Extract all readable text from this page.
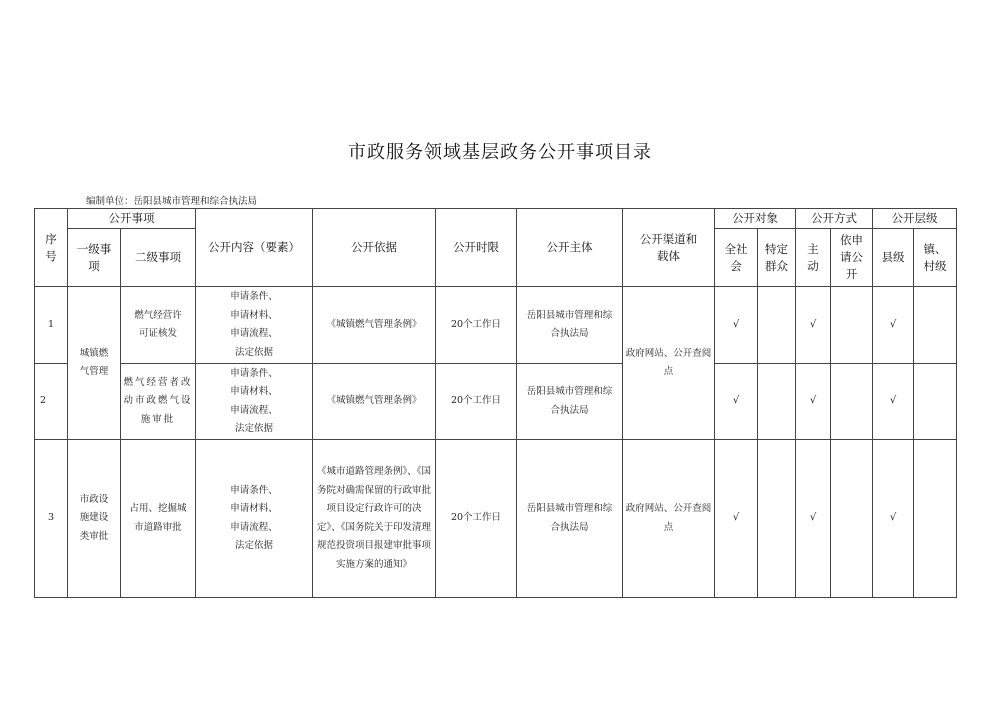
市政服务领域基层政务公开事项目录
编制单位：岳阳县城市管理和综合执法局
序号	公开事项		公开内容（要素）	公开依据	公开时限	公开主体	公开渠道和载体	公开对象		公开方式		公开层级	
	一级事项	二级事项						全社会	特定群众	主动	依申请公开	县级	镇、村级
1	城镇燃气管理	燃气经营许可证核发	申请条件、申请材料、申请流程、法定依据	《城镇燃气管理条例》	20个工作日	岳阳县城市管理和综合执法局	政府网站、公开查阅点	√		√		√	
2		燃气经营者改动市政燃气设施审批	申请条件、申请材料、申请流程、法定依据	《城镇燃气管理条例》	20个工作日	岳阳县城市管理和综合执法局		√		√		√	
3	市政设施建设类审批	占用、挖掘城市道路审批	申请条件、申请材料、申请流程、法定依据	《城市道路管理条例》、《国务院对确需保留的行政审批项目设定行政许可的决定》、《国务院关于印发清理规范投资项目报建审批事项实施方案的通知》	20个工作日	岳阳县城市管理和综合执法局	政府网站、公开查阅点	√		√		√	
